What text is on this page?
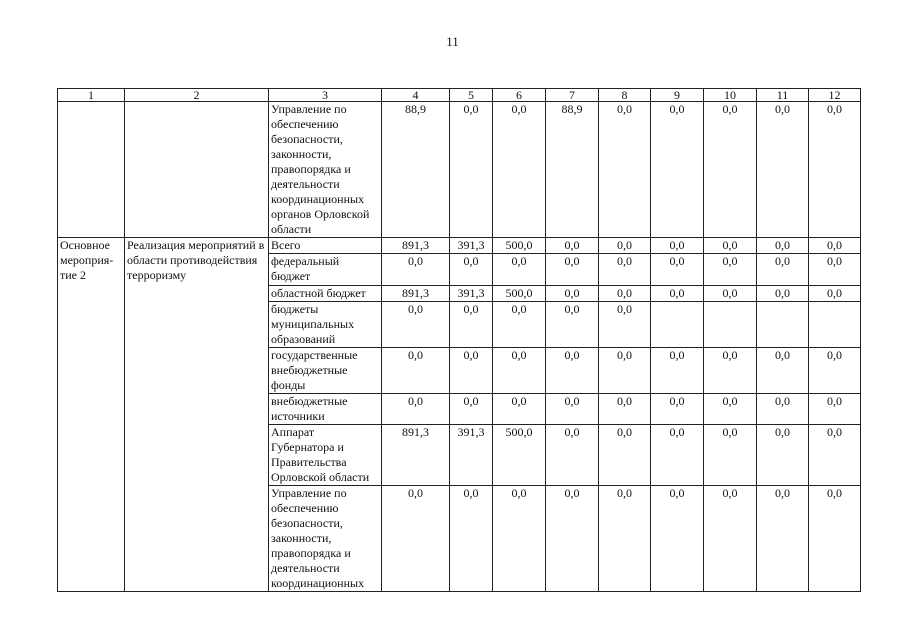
11
1	2	3	4	5	6	7	8	9	10	11	12
		Управление по обеспечению безопасности, законности, правопорядка и деятельности координационных органов Орловской области	88,9	0,0	0,0	88,9	0,0	0,0	0,0	0,0	0,0
Основное мероприя-тие 2	Реализация мероприятий в области противодействия терроризму	Всего	891,3	391,3	500,0	0,0	0,0	0,0	0,0	0,0	0,0
		федеральный бюджет	0,0	0,0	0,0	0,0	0,0	0,0	0,0	0,0	0,0
		областной бюджет	891,3	391,3	500,0	0,0	0,0	0,0	0,0	0,0	0,0
		бюджеты муниципальных образований	0,0	0,0	0,0	0,0	0,0				
		государственные внебюджетные фонды	0,0	0,0	0,0	0,0	0,0	0,0	0,0	0,0	0,0
		внебюджетные источники	0,0	0,0	0,0	0,0	0,0	0,0	0,0	0,0	0,0
		Аппарат Губернатора и Правительства Орловской области	891,3	391,3	500,0	0,0	0,0	0,0	0,0	0,0	0,0
		Управление по обеспечению безопасности, законности, правопорядка и деятельности координационных	0,0	0,0	0,0	0,0	0,0	0,0	0,0	0,0	0,0
